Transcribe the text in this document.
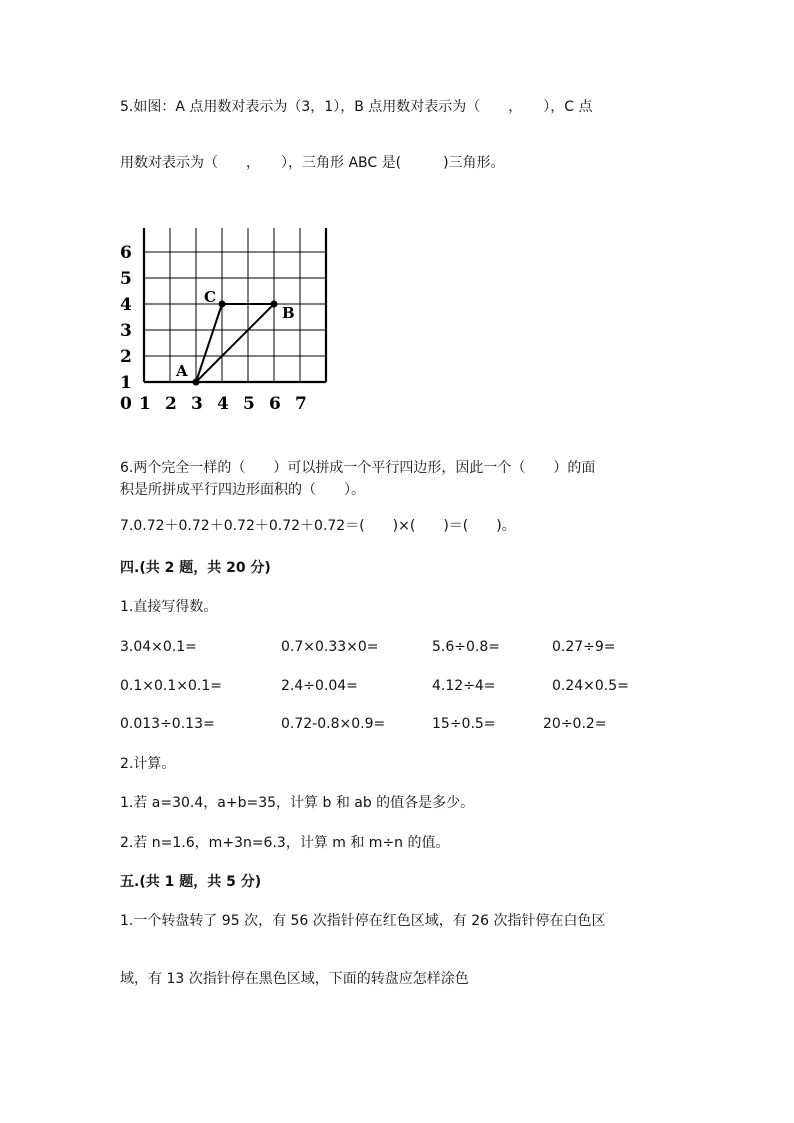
5.如图：A 点用数对表示为（3，1），B 点用数对表示为（　　，　　），C 点
用数对表示为（　　，　　），三角形 ABC 是(　　　)三角形。
A
B
C
0 1 2 3 4 5 6 7
1
2
3
4
5
6
6.两个完全一样的（　　）可以拼成一个平行四边形，因此一个（　　）的面
积是所拼成平行四边形面积的（　　）。
7.0.72＋0.72＋0.72＋0.72＋0.72＝(　　)×(　　)＝(　　)。
四.(共 2 题，共 20 分)
1.直接写得数。
3.04×0.1=	0.7×0.33×0=	5.6÷0.8=	0.27÷9=
0.1×0.1×0.1=	2.4÷0.04=	4.12÷4=	0.24×0.5=
0.013÷0.13=	0.72-0.8×0.9=	15÷0.5=	20÷0.2=
2.计算。
1.若 a=30.4，a+b=35，计算 b 和 ab 的值各是多少。
2.若 n=1.6，m+3n=6.3，计算 m 和 m÷n 的值。
五.(共 1 题，共 5 分)
1.一个转盘转了 95 次，有 56 次指针停在红色区域，有 26 次指针停在白色区
域，有 13 次指针停在黑色区域，下面的转盘应怎样涂色
